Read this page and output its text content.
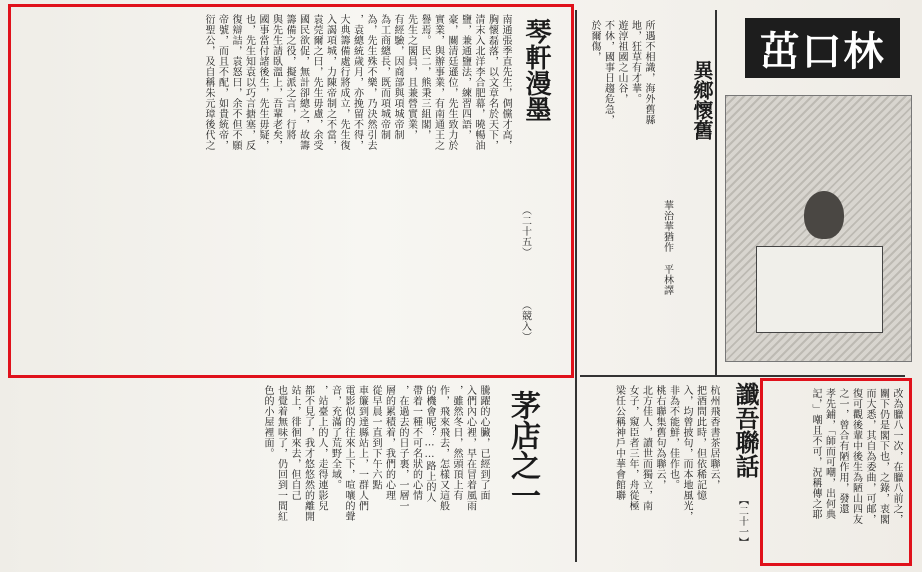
茁口林
琴軒漫墨
（二十五）
（競入）
南通張季直先生，倜儻才高，
胸懷磊落，以文章名於天下，
清末入北洋李合肥幕，曉暢油
鹽，兼通鹽法，練習四語，
豪，關清廷遜位，先生致力於
實業，與辦事業，有南通王之
譽焉。民二，熊秉三組閣，
先生之閣員，且兼營實業，
有經驗，因商部與項城帝制
為工商總長，既而項城帝制
為，先生殊不樂，乃決然引去
，袁總統歲月，亦挽留不得，
大典籌備處行將成立，先生復
入謁項城，力陳帝制之不當，
袁莞爾之曰，先生毋慮，余受
國民欲促，無計卻總之，故籌
籌備之役，擬派之言，行將
與先生請臥溫上，吾輩老矣，
國事當付諸後生，先生毋疑，
也，先生知袁以巧言搪塞，反
復辯詰，袁怒曰，余不但不願
帝號，而且不配，如貴統帝，
衍聖公，及自稱朱元璋後代之
茅店之一
騰躍的心臟，已經到了面
入們內心裡，早在冒着風雨
，雖然冬日，然頭頂上有
作，飛來飛去，怎樣又這般
的機會呢？……路上的人
帶着一種不可名狀的心情
，在過去的日子裏，一層一
層的累積着，我們的心理
從早晨一直到下午六點
車簾到達縣站上，一群人們
電影似的往來上下，喧嚷的聲
音，充滿了荒野全域。
，站臺上的人，走得連影兒
都不見了，我才悠悠然的離開
站上，徘徊來去，但自己
也覺着無味了，仍回到一間紅
色的小屋裡面。
異鄉懷舊
華治華猶作 平林譯
所遇不相識，海外舊縣
地，狂草有才華。
遊淳祖國之山谷，
不休，國事日趨危急，
於爾傷，
讖吾聯話
【二十一】
杭州飛香書茶居聯云，
把酒問此時，但依稀記憶
入，均曾披句，而本地風光，
非為不能鮮，佳作也。
桃右聯集舊句為聯云，
北方佳人，讀世而獨立，南
女子，窺臣者三年，舟從極
梁任公稱神戶中華會館聯	改為臘八一次，在臘八前之，
關下仍是閣下也，之錄，衷閣
而大悉，其自為委曲，可邮，
復可觀後輩中後生為陋山四友
之一，曾合有陋作用，發還
孝先鋪，「師而可嘲，出何典
記，」嘲且不可，況稱傳之耶
